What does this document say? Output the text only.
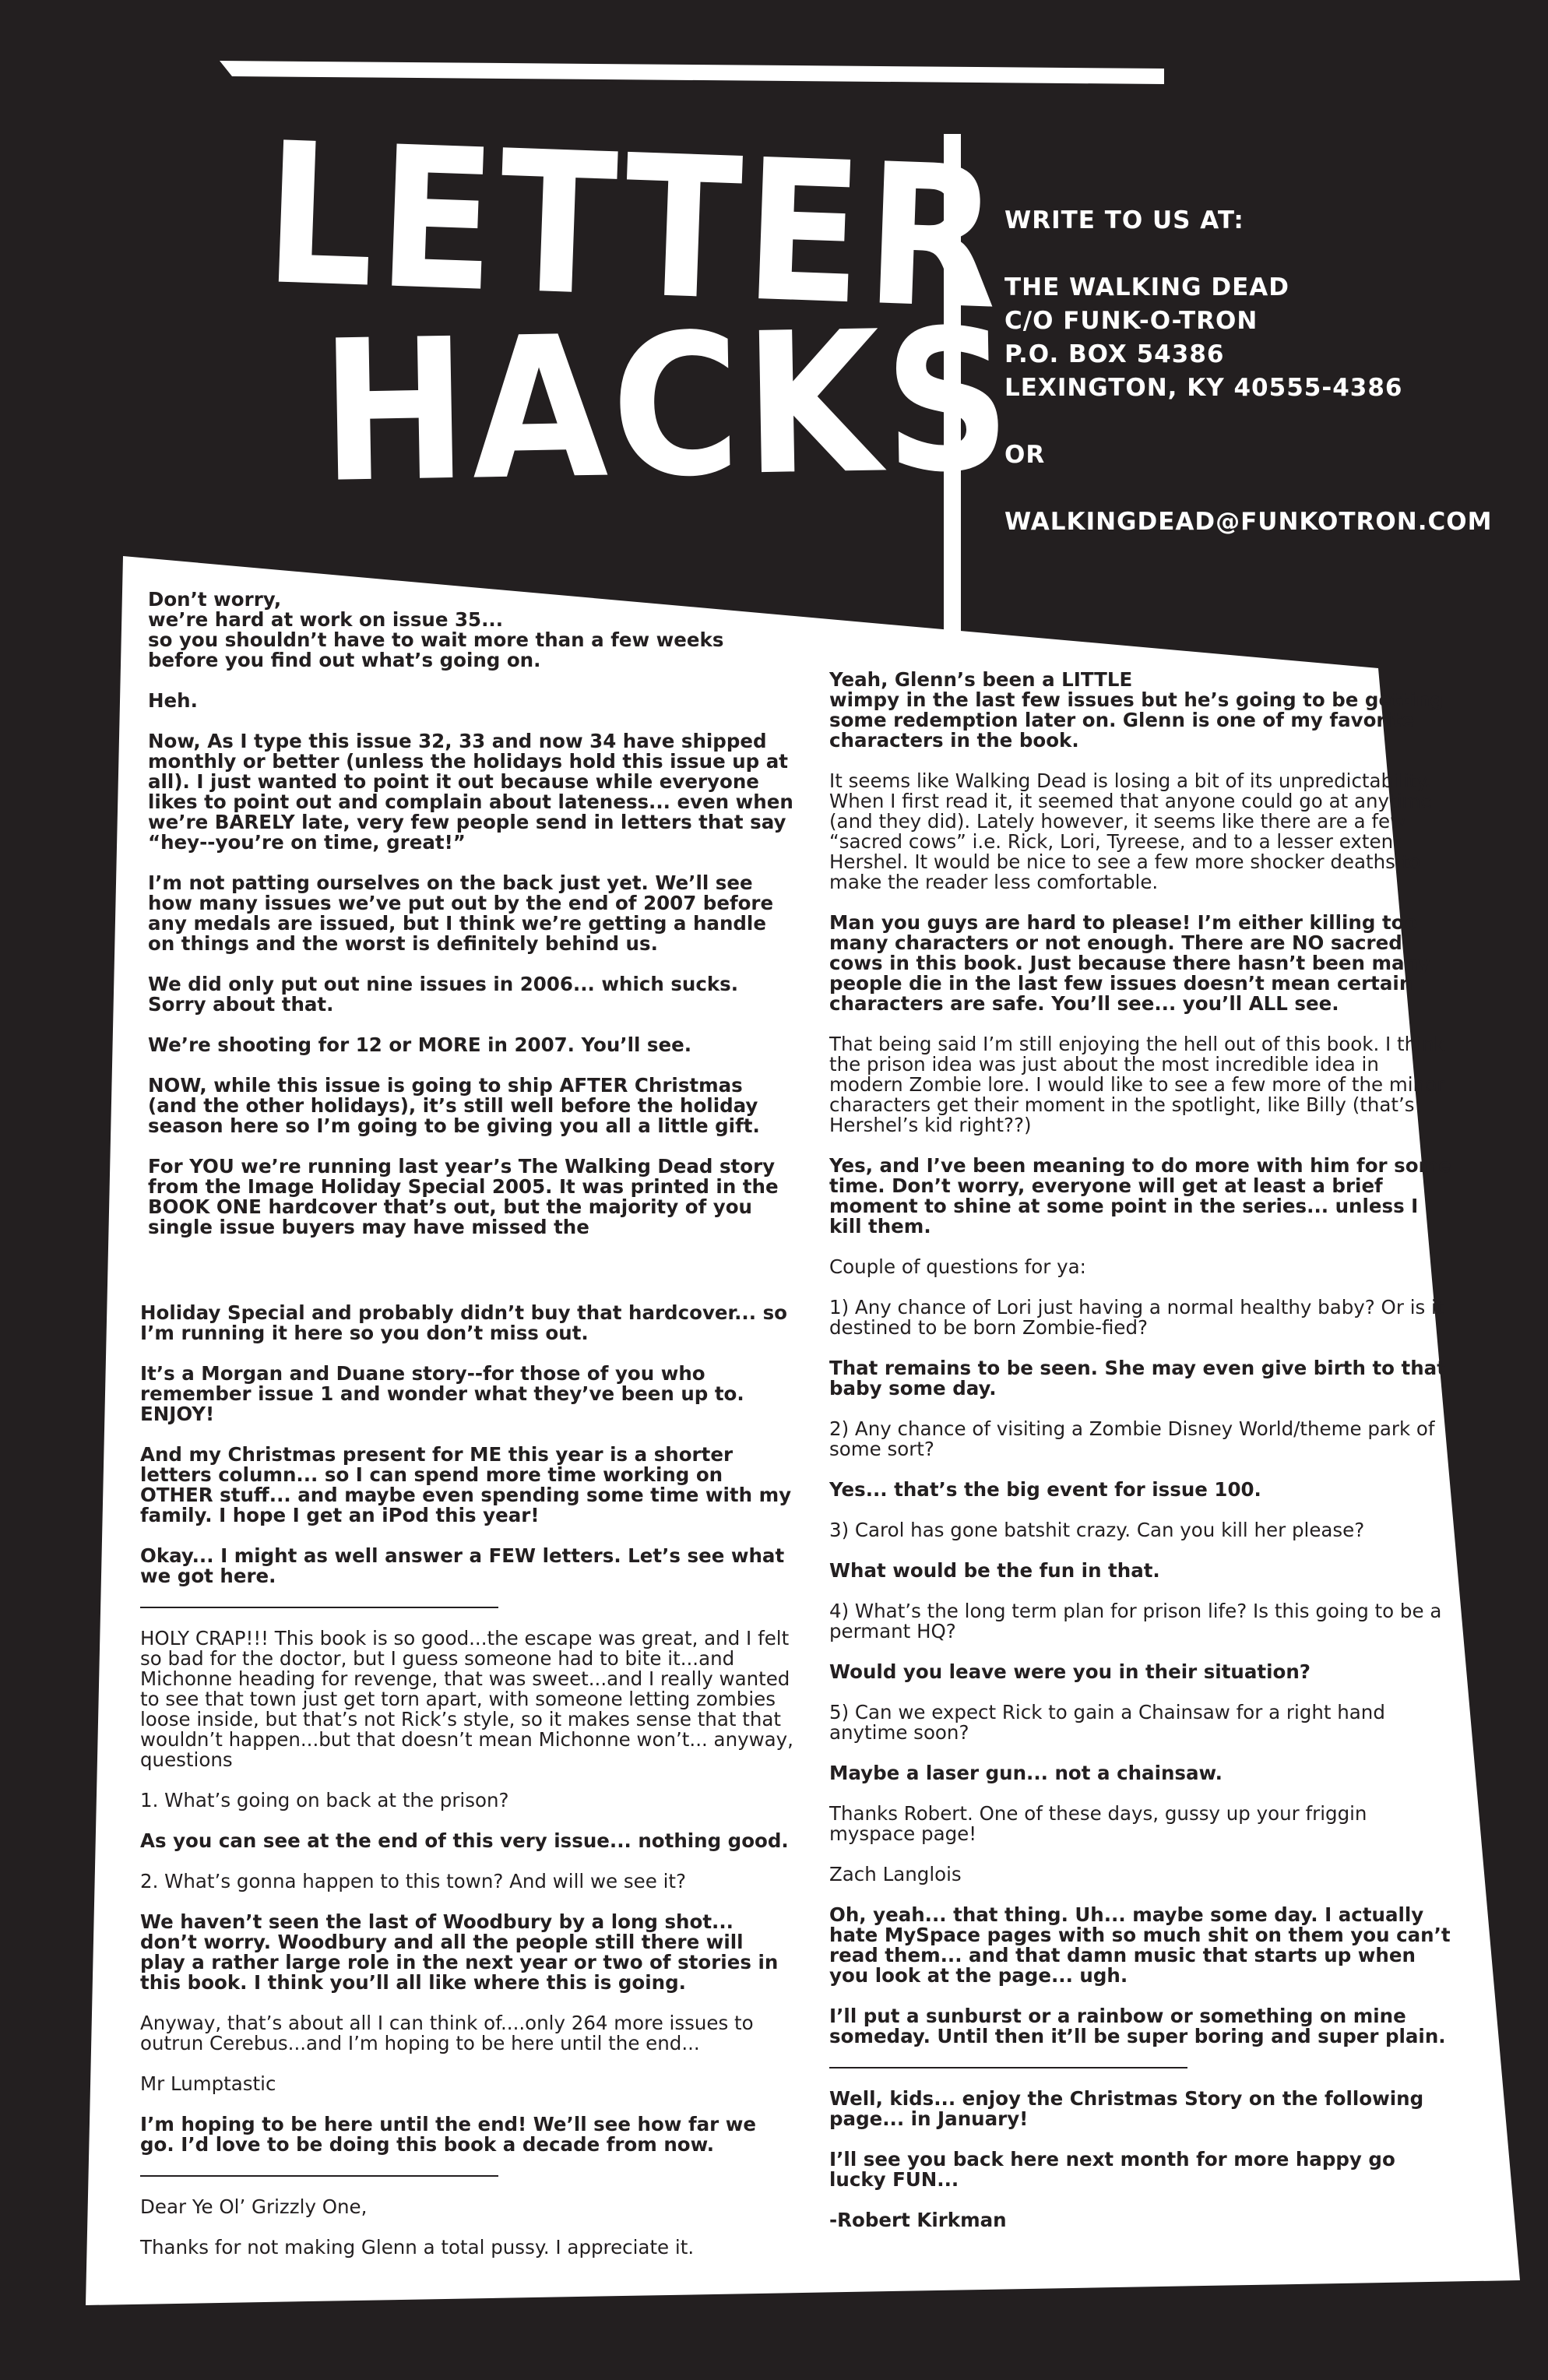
LETTER
HACKS
WRITE TO US AT:
THE WALKING DEAD
C/O FUNK-O-TRON
P.O. BOX 54386
LEXINGTON, KY 40555-4386
OR
WALKINGDEAD@FUNKOTRON.COM

Don’t worry,
we’re hard at work on issue 35...
so you shouldn’t have to wait more than a few weeks
before you find out what’s going on.

Heh.

Now, As I type this issue 32, 33 and now 34 have shipped monthly or better (unless the holidays hold this issue up at all). I just wanted to point it out because while everyone likes to point out and complain about lateness... even when we’re BARELY late, very few people send in letters that say “hey--you’re on time, great!”

I’m not patting ourselves on the back just yet. We’ll see how many issues we’ve put out by the end of 2007 before any medals are issued, but I think we’re getting a handle on things and the worst is definitely behind us.

We did only put out nine issues in 2006... which sucks. Sorry about that.

We’re shooting for 12 or MORE in 2007. You’ll see.

NOW, while this issue is going to ship AFTER Christmas (and the other holidays), it’s still well before the holiday season here so I’m going to be giving you all a little gift.

For YOU we’re running last year’s The Walking Dead story from the Image Holiday Special 2005. It was printed in the BOOK ONE hardcover that’s out, but the majority of you single issue buyers may have missed the

Holiday Special and probably didn’t buy that hardcover... so I’m running it here so you don’t miss out.

It’s a Morgan and Duane story--for those of you who remember issue 1 and wonder what they’ve been up to. ENJOY!

And my Christmas present for ME this year is a shorter letters column... so I can spend more time working on OTHER stuff... and maybe even spending some time with my family. I hope I get an iPod this year!

Okay... I might as well answer a FEW letters. Let’s see what we got here.

HOLY CRAP!!! This book is so good...the escape was great, and I felt so bad for the doctor, but I guess someone had to bite it...and Michonne heading for revenge, that was sweet...and I really wanted to see that town just get torn apart, with someone letting zombies loose inside, but that’s not Rick’s style, so it makes sense that that wouldn’t happen...but that doesn’t mean Michonne won’t... anyway, questions

1. What’s going on back at the prison?

As you can see at the end of this very issue... nothing good.

2. What’s gonna happen to this town? And will we see it?

We haven’t seen the last of Woodbury by a long shot... don’t worry. Woodbury and all the people still there will play a rather large role in the next year or two of stories in this book. I think you’ll all like where this is going.

Anyway, that’s about all I can think of....only 264 more issues to outrun Cerebus...and I’m hoping to be here until the end...

Mr Lumptastic

I’m hoping to be here until the end! We’ll see how far we go. I’d love to be doing this book a decade from now.

Dear Ye Ol’ Grizzly One,

Thanks for not making Glenn a total pussy. I appreciate it.

Yeah, Glenn’s been a LITTLE
wimpy in the last few issues but he’s going to be getting some redemption later on. Glenn is one of my favorite characters in the book.

It seems like Walking Dead is losing a bit of its unpredictability. When I first read it, it seemed that anyone could go at anytime (and they did). Lately however, it seems like there are a few “sacred cows” i.e. Rick, Lori, Tyreese, and to a lesser extent Hershel. It would be nice to see a few more shocker deaths to make the reader less comfortable.

Man you guys are hard to please! I’m either killing too many characters or not enough. There are NO sacred cows in this book. Just because there hasn’t been many people die in the last few issues doesn’t mean certain characters are safe. You’ll see... you’ll ALL see.

That being said I’m still enjoying the hell out of this book. I think the prison idea was just about the most incredible idea in modern Zombie lore. I would like to see a few more of the minor characters get their moment in the spotlight, like Billy (that’s Hershel’s kid right??)

Yes, and I’ve been meaning to do more with him for some time. Don’t worry, everyone will get at least a brief moment to shine at some point in the series... unless I kill them.

Couple of questions for ya:

1) Any chance of Lori just having a normal healthy baby? Or is it destined to be born Zombie-fied?

That remains to be seen. She may even give birth to that baby some day.

2) Any chance of visiting a Zombie Disney World/theme park of some sort?

Yes... that’s the big event for issue 100.

3) Carol has gone batshit crazy. Can you kill her please?

What would be the fun in that.

4) What’s the long term plan for prison life? Is this going to be a permant HQ?

Would you leave were you in their situation?

5) Can we expect Rick to gain a Chainsaw for a right hand anytime soon?

Maybe a laser gun... not a chainsaw.

Thanks Robert. One of these days, gussy up your friggin myspace page!

Zach Langlois

Oh, yeah... that thing. Uh... maybe some day. I actually hate MySpace pages with so much shit on them you can’t read them... and that damn music that starts up when you look at the page... ugh.

I’ll put a sunburst or a rainbow or something on mine someday. Until then it’ll be super boring and super plain.

Well, kids... enjoy the Christmas Story on the following page... in January!

I’ll see you back here next month for more happy go lucky FUN...

-Robert Kirkman
